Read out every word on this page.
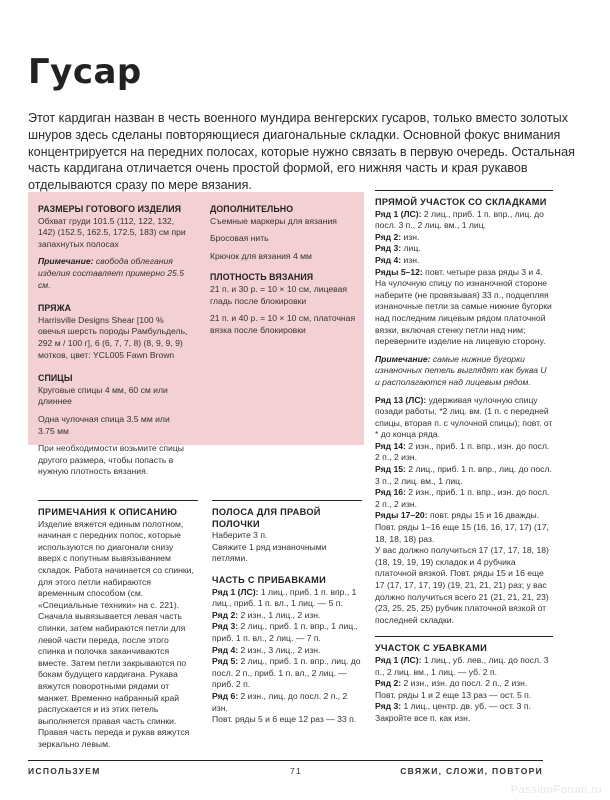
Гусар
Этот кардиган назван в честь военного мундира венгерских гусаров, только вместо золотых шнуров здесь сделаны повторяющиеся диагональные складки. Основной фокус внимания концентрируется на передних полосах, которые нужно связать в первую очередь. Остальная часть кардигана отличается очень простой формой, его нижняя часть и края рукавов отделываются сразу по мере вязания.
РАЗМЕРЫ ГОТОВОГО ИЗДЕЛИЯ
Обхват груди 101.5 (112, 122, 132, 142) (152.5, 162.5, 172.5, 183) см при запахнутых полосах
Примечание: свобода облегания изделия составляет примерно 25.5 см.
ПРЯЖА
Harrisville Designs Shear [100 % овечья шерсть породы Рамбульдель, 292 м / 100 г], 6 (6, 7, 7, 8) (8, 9, 9, 9) мотков, цвет: YCL005 Fawn Brown
СПИЦЫ
Круговые спицы 4 мм, 60 см или длиннее
Одна чулочная спица 3.5 мм или 3.75 мм
При необходимости возьмите спицы другого размера, чтобы попасть в нужную плотность вязания.
ДОПОЛНИТЕЛЬНО
Съемные маркеры для вязания
Бросовая нить
Крючок для вязания 4 мм
ПЛОТНОСТЬ ВЯЗАНИЯ
21 п. и 30 р. = 10 × 10 см, лицевая гладь после блокировки
21 п. и 40 р. = 10 × 10 см, платочная вязка после блокировки
ПРЯМОЙ УЧАСТОК СО СКЛАДКАМИ
Ряд 1 (ЛС): 2 лиц., приб. 1 п. впр., лиц. до посл. 3 п., 2 лиц. вм., 1 лиц.
Ряд 2: изн.
Ряд 3: лиц.
Ряд 4: изн.
Ряды 5–12: повт. четыре раза ряды 3 и 4.
На чулочную спицу по изнаночной стороне наберите (не провязывая) 33 п., подцепляя изнаночные петли за самые нижние бугорки над последним лицевым рядом платочной вязки, включая стенку петли над ним; переверните изделие на лицевую сторону.
Примечание: самые нижние бугорки изнаночных петель выглядят как буква U и располагаются над лицевым рядом.
Ряд 13 (ЛС): удерживая чулочную спицу позади работы, *2 лиц. вм. (1 п. с передней спицы, вторая п. с чулочной спицы); повт. от * до конца ряда.
Ряд 14: 2 изн., приб. 1 п. впр., изн. до посл. 2 п., 2 изн.
Ряд 15: 2 лиц., приб. 1 п. впр., лиц. до посл. 3 п., 2 лиц. вм., 1 лиц.
Ряд 16: 2 изн., приб. 1 п. впр., изн. до посл. 2 п., 2 изн.
Ряды 17–20: повт. ряды 15 и 16 дважды.
Повт. ряды 1–16 еще 15 (16, 16, 17, 17) (17, 18, 18, 18) раз.
У вас должно получиться 17 (17, 17, 18, 18) (18, 19, 19, 19) складок и 4 рубчика платочной вязкой. Повт. ряды 15 и 16 еще 17 (17, 17, 17, 19) (19, 21, 21, 21) раз; у вас должно получиться всего 21 (21, 21, 21, 23) (23, 25, 25, 25) рубчик платочной вязкой от последней складки.
УЧАСТОК С УБАВКАМИ
Ряд 1 (ЛС): 1 лиц., уб. лев., лиц. до посл. 3 п., 2 лиц. вм., 1 лиц. — уб. 2 п.
Ряд 2: 2 изн., изн. до посл. 2 п., 2 изн.
Повт. ряды 1 и 2 еще 13 раз — ост. 5 п.
Ряд 3: 1 лиц., центр. дв. уб. — ост. 3 п.
Закройте все п. как изн.
ПРИМЕЧАНИЯ К ОПИСАНИЮ
Изделие вяжется единым полотном, начиная с передних полос, которые используются по диагонали снизу вверх с попутным вывязыванием складок. Работа начинается со спинки, для этого петли набираются временным способом (см. «Специальные техники» на с. 221). Сначала вывязывается левая часть спинки, затем набираются петли для левой части переда, после этого спинка и полочка заканчиваются вместе. Затем петли закрываются по бокам будущего кардигана. Рукава вяжутся поворотными рядами от манжет. Временно набранный край распускается и из этих петель выполняется правая часть спинки. Правая часть переда и рукав вяжутся зеркально левым.
ПОЛОСА ДЛЯ ПРАВОЙ ПОЛОЧКИ
Наберите 3 п.
Свяжите 1 ряд изнаночными петлями.
ЧАСТЬ С ПРИБАВКАМИ
Ряд 1 (ЛС): 1 лиц., приб. 1 п. впр., 1 лиц., приб. 1 п. вл., 1 лиц. — 5 п.
Ряд 2: 2 изн., 1 лиц., 2 изн.
Ряд 3: 2 лиц., приб. 1 п. впр., 1 лиц., приб. 1 п. вл., 2 лиц. — 7 п.
Ряд 4: 2 изн., 3 лиц., 2 изн.
Ряд 5: 2 лиц., приб. 1 п. впр., лиц. до посл. 2 п., приб. 1 п. вл., 2 лиц. — приб. 2 п.
Ряд 6: 2 изн., лиц. до посл. 2 п., 2 изн.
Повт. ряды 5 и 6 еще 12 раз — 33 п.
ИСПОЛЬЗУЕМ	71	СВЯЖИ, СЛОЖИ, ПОВТОРИ
PassionForum.ru
